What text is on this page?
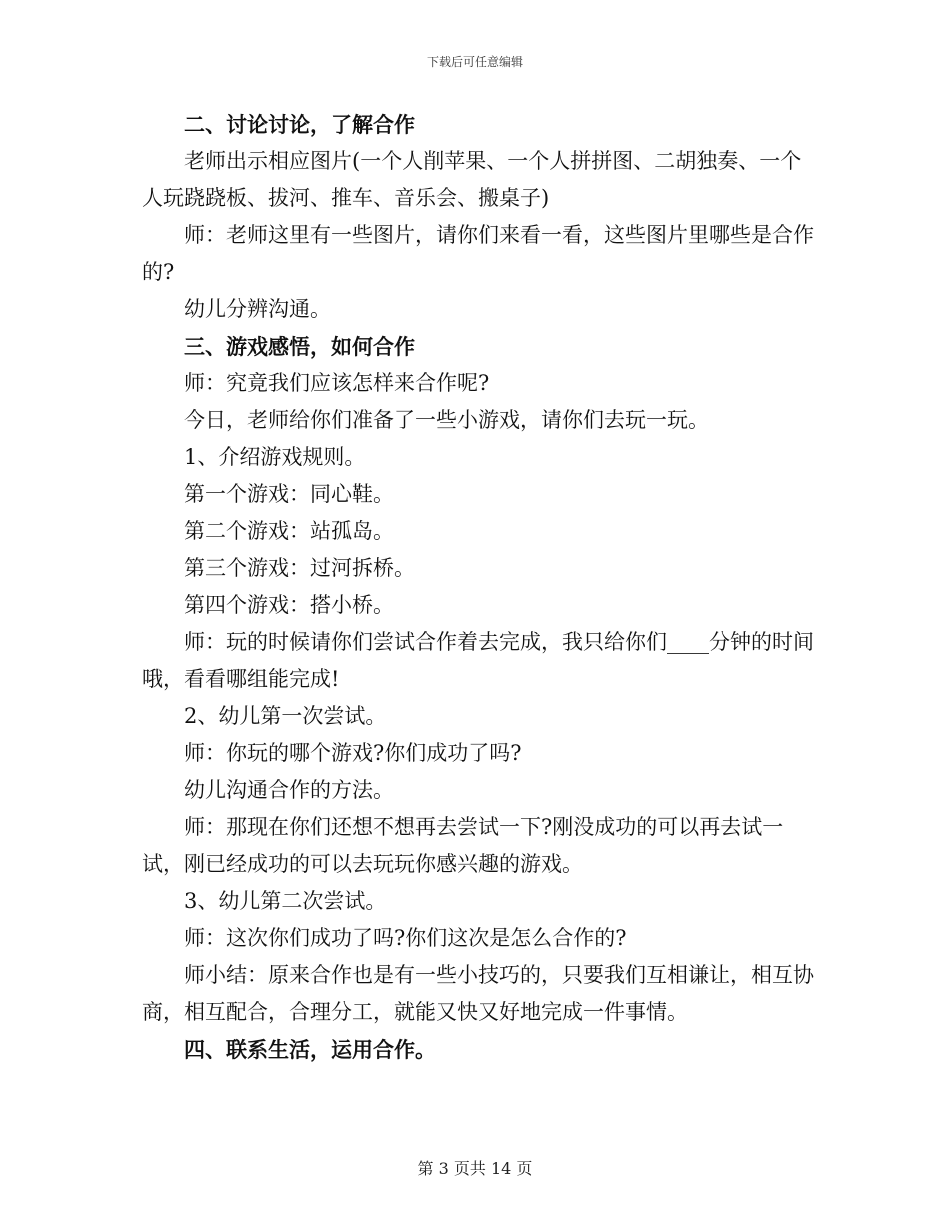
下载后可任意编辑

二、讨论讨论，了解合作

老师出示相应图片(一个人削苹果、一个人拼拼图、二胡独奏、一个人玩跷跷板、拔河、推车、音乐会、搬桌子)

师：老师这里有一些图片，请你们来看一看，这些图片里哪些是合作的?

幼儿分辨沟通。

三、游戏感悟，如何合作

师：究竟我们应该怎样来合作呢?

今日，老师给你们准备了一些小游戏，请你们去玩一玩。

1、介绍游戏规则。

第一个游戏：同心鞋。

第二个游戏：站孤岛。

第三个游戏：过河拆桥。

第四个游戏：搭小桥。

师：玩的时候请你们尝试合作着去完成，我只给你们____分钟的时间哦，看看哪组能完成!

2、幼儿第一次尝试。

师：你玩的哪个游戏?你们成功了吗?

幼儿沟通合作的方法。

师：那现在你们还想不想再去尝试一下?刚没成功的可以再去试一试，刚已经成功的可以去玩玩你感兴趣的游戏。

3、幼儿第二次尝试。

师：这次你们成功了吗?你们这次是怎么合作的?

师小结：原来合作也是有一些小技巧的，只要我们互相谦让，相互协商，相互配合，合理分工，就能又快又好地完成一件事情。

四、联系生活，运用合作。

第 3 页共 14 页
